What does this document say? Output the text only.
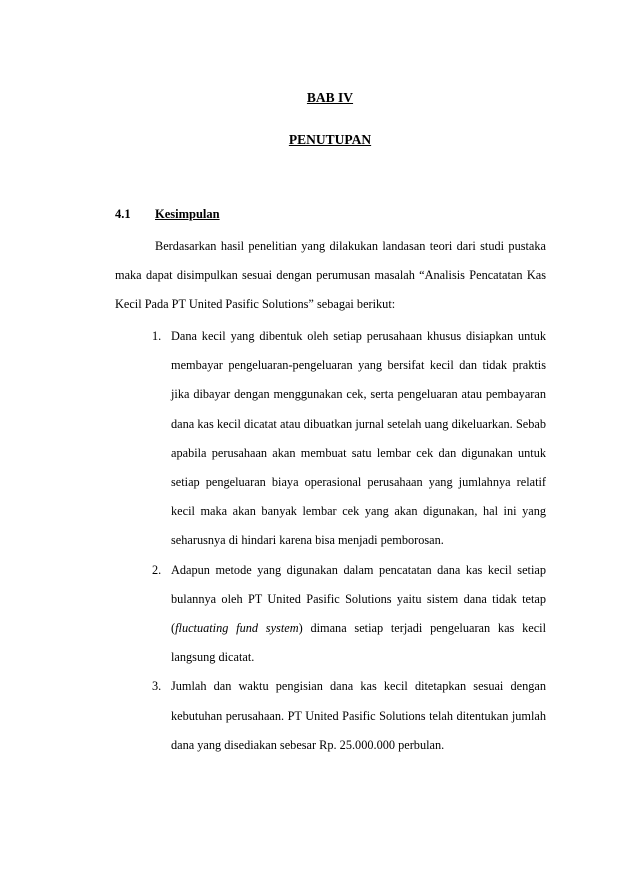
BAB IV
PENUTUPAN
4.1 Kesimpulan

Berdasarkan hasil penelitian yang dilakukan landasan teori dari studi pustaka maka dapat disimpulkan sesuai dengan perumusan masalah “Analisis Pencatatan Kas Kecil Pada PT United Pasific Solutions” sebagai berikut:

1. Dana kecil yang dibentuk oleh setiap perusahaan khusus disiapkan untuk membayar pengeluaran-pengeluaran yang bersifat kecil dan tidak praktis jika dibayar dengan menggunakan cek, serta pengeluaran atau pembayaran dana kas kecil dicatat atau dibuatkan jurnal setelah uang dikeluarkan. Sebab apabila perusahaan akan membuat satu lembar cek dan digunakan untuk setiap pengeluaran biaya operasional perusahaan yang jumlahnya relatif kecil maka akan banyak lembar cek yang akan digunakan, hal ini yang seharusnya di hindari karena bisa menjadi pemborosan.
2. Adapun metode yang digunakan dalam pencatatan dana kas kecil setiap bulannya oleh PT United Pasific Solutions yaitu sistem dana tidak tetap (fluctuating fund system) dimana setiap terjadi pengeluaran kas kecil langsung dicatat.
3. Jumlah dan waktu pengisian dana kas kecil ditetapkan sesuai dengan kebutuhan perusahaan. PT United Pasific Solutions telah ditentukan jumlah dana yang disediakan sebesar Rp. 25.000.000 perbulan.
